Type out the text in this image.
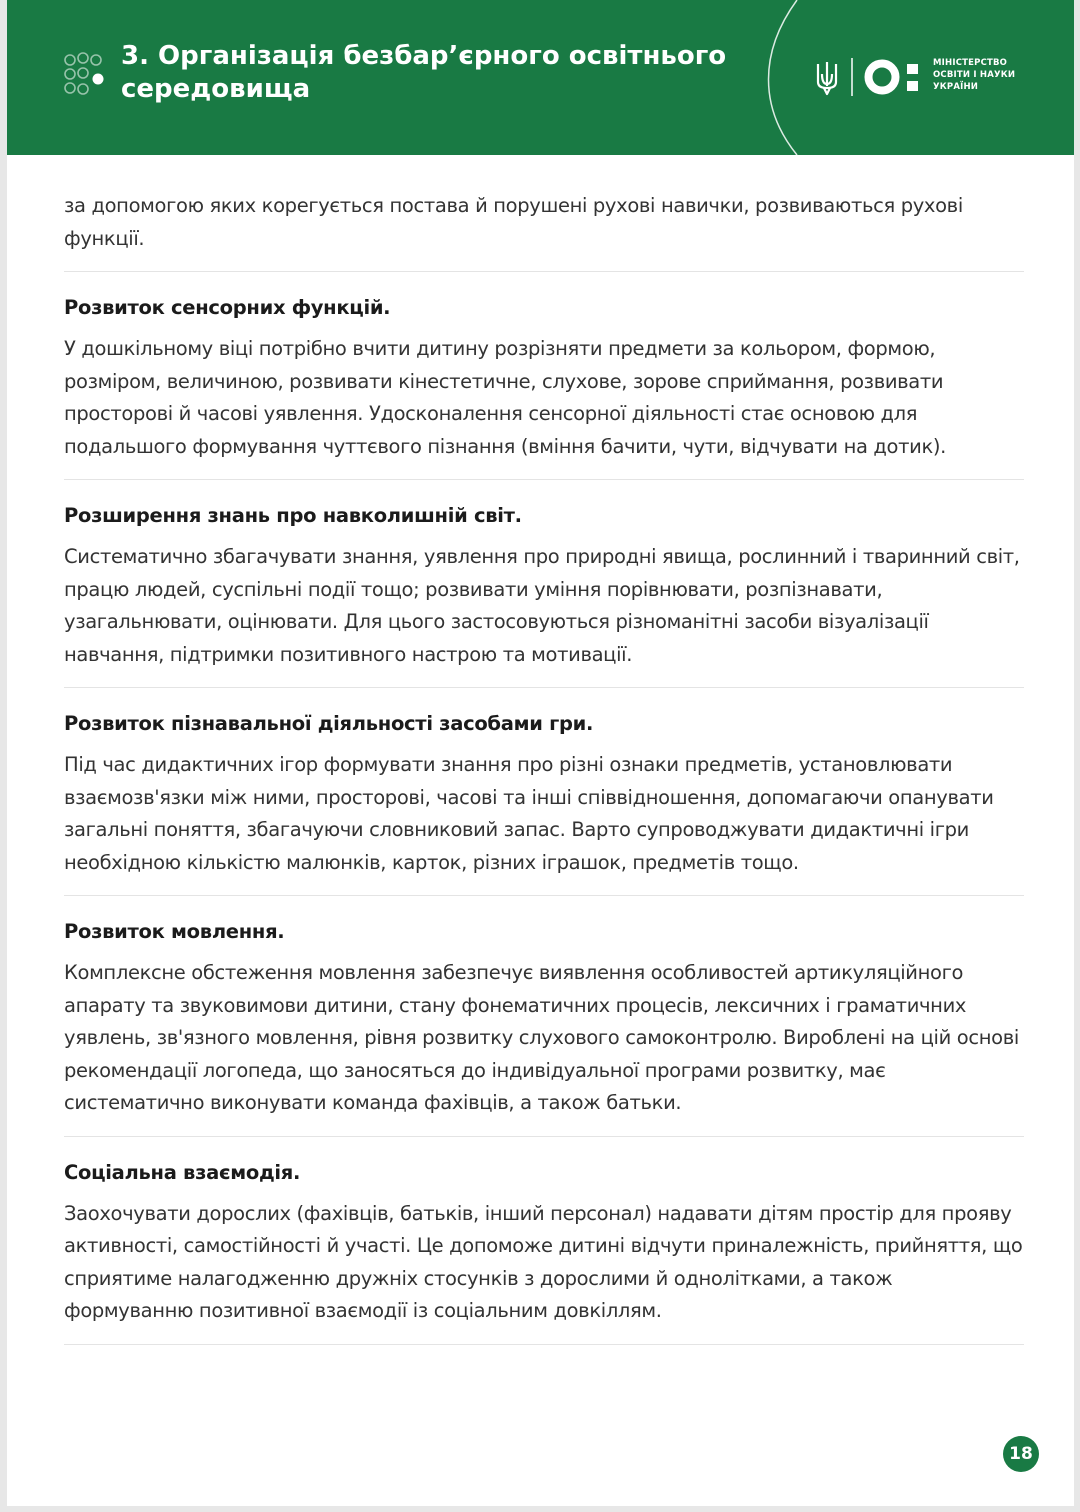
3. Організація безбар’єрного освітнього
середовища
МІНІСТЕРСТВО
ОСВІТИ І НАУКИ
УКРАЇНИ

за допомогою яких корегується постава й порушені рухові навички, розвиваються рухові функції.

Розвиток сенсорних функцій.

У дошкільному віці потрібно вчити дитину розрізняти предмети за кольором, формою, розміром, величиною, розвивати кінестетичне, слухове, зорове сприймання, розвивати просторові й часові уявлення. Удосконалення сенсорної діяльності стає основою для подальшого формування чуттєвого пізнання (вміння бачити, чути, відчувати на дотик).

Розширення знань про навколишній світ.

Систематично збагачувати знання, уявлення про природні явища, рослинний і тваринний світ, працю людей, суспільні події тощо; розвивати уміння порівнювати, розпізнавати, узагальнювати, оцінювати. Для цього застосовуються різноманітні засоби візуалізації навчання, підтримки позитивного настрою та мотивації.

Розвиток пізнавальної діяльності засобами гри.

Під час дидактичних ігор формувати знання про різні ознаки предметів, установлювати взаємозв'язки між ними, просторові, часові та інші співвідношення, допомагаючи опанувати загальні поняття, збагачуючи словниковий запас. Варто супроводжувати дидактичні ігри необхідною кількістю малюнків, карток, різних іграшок, предметів тощо.

Розвиток мовлення.

Комплексне обстеження мовлення забезпечує виявлення особливостей артикуляційного апарату та звуковимови дитини, стану фонематичних процесів, лексичних і граматичних уявлень, зв'язного мовлення, рівня розвитку слухового самоконтролю. Вироблені на цій основі рекомендації логопеда, що заносяться до індивідуальної програми розвитку, має систематично виконувати команда фахівців, а також батьки.

Соціальна взаємодія.

Заохочувати дорослих (фахівців, батьків, інший персонал) надавати дітям простір для прояву активності, самостійності й участі. Це допоможе дитині відчути приналежність, прийняття, що сприятиме налагодженню дружніх стосунків з дорослими й однолітками, а також формуванню позитивної взаємодії із соціальним довкіллям.

18
